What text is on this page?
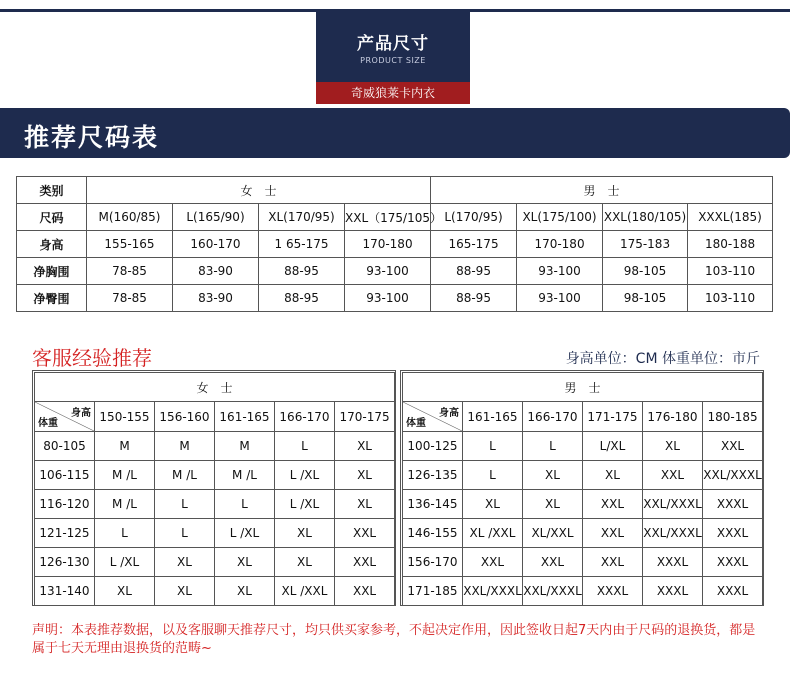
产品尺寸
PRODUCT SIZE
奇威狼莱卡内衣
推荐尺码表
类别	女　士				男　士			
尺码	M(160/85)	L(165/90)	XL(170/95)	XXL（175/105）	L(170/95)	XL(175/100)	XXL(180/105)	XXXL(185)
身高	155-165	160-170	1 65-175	170-180	165-175	170-180	175-183	180-188
净胸围	78-85	83-90	88-95	93-100	88-95	93-100	98-105	103-110
净臀围	78-85	83-90	88-95	93-100	88-95	93-100	98-105	103-110
客服经验推荐	身高单位：CM 体重单位：市斤
女　士					

身高
体重	150-155	156-160	161-165	166-170	170-175
80-105	M	M	M	L	XL
106-115	M /L	M /L	M /L	L /XL	XL
116-120	M /L	L	L	L /XL	XL
121-125	L	L	L /XL	XL	XXL
126-130	L /XL	XL	XL	XL	XXL
131-140	XL	XL	XL	XL /XXL	XXL
男　士					

身高
体重	161-165	166-170	171-175	176-180	180-185
100-125	L	L	L/XL	XL	XXL
126-135	L	XL	XL	XXL	XXL/XXXL
136-145	XL	XL	XXL	XXL/XXXL	XXXL
146-155	XL /XXL	XL/XXL	XXL	XXL/XXXL	XXXL
156-170	XXL	XXL	XXL	XXXL	XXXL
171-185	XXL/XXXL	XXL/XXXL	XXXL	XXXL	XXXL
声明：本表推荐数据，以及客服聊天推荐尺寸，均只供买家参考，不起决定作用，因此签收日起7天内由于尺码的退换货，都是属于七天无理由退换货的范畴~
